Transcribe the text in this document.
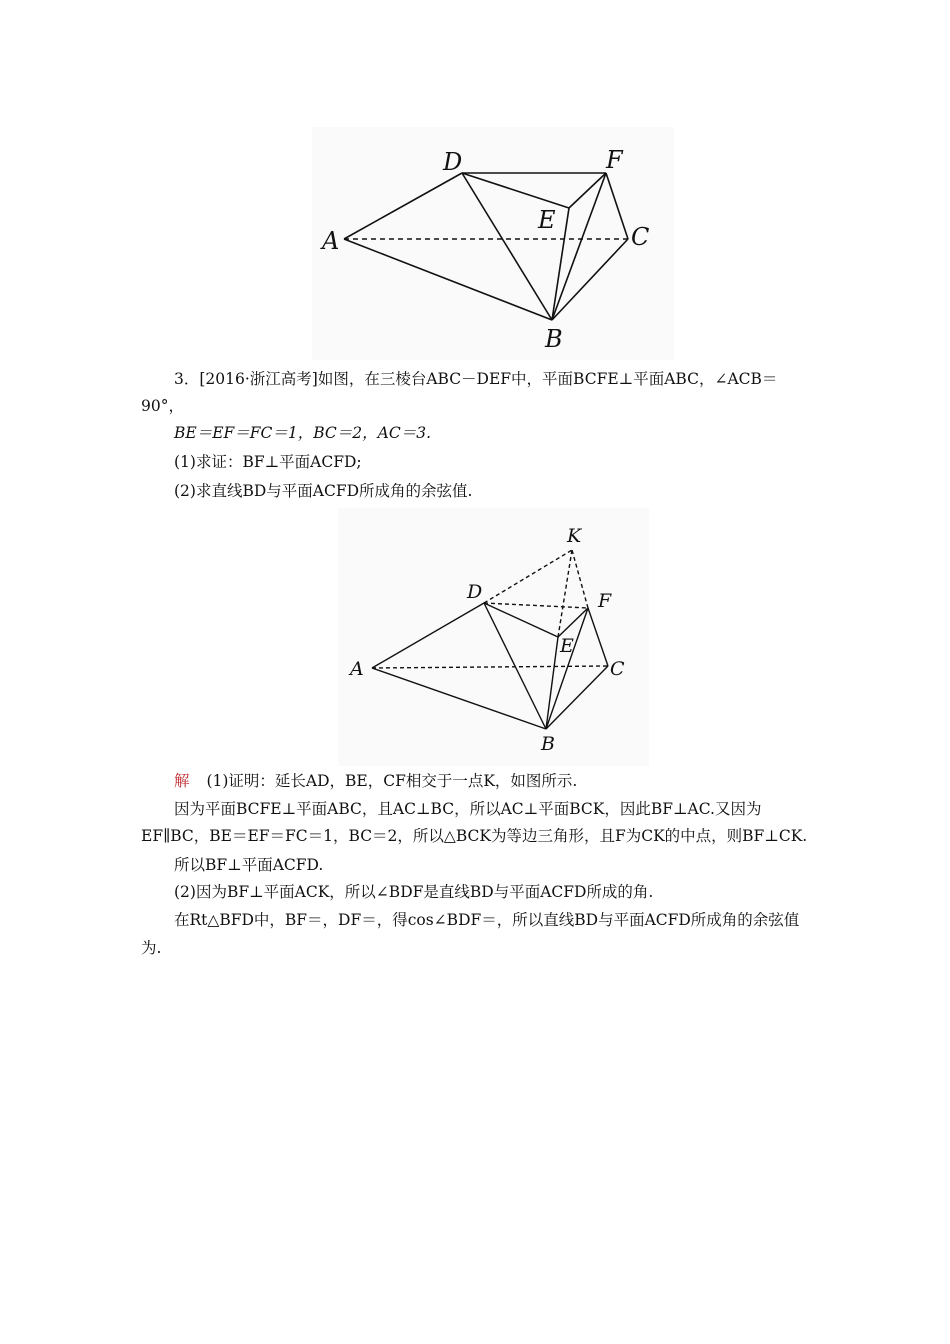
D	F
E
A	C
B
3．[2016·浙江高考]如图，在三棱台ABC－DEF中，平面BCFE⊥平面ABC，∠ACB＝
90°，
BE＝EF＝FC＝1，BC＝2，AC＝3.
(1)求证：BF⊥平面ACFD;
(2)求直线BD与平面ACFD所成角的余弦值.
K
D	F
E
A	C
B
解 (1)证明：延长AD，BE，CF相交于一点K，如图所示.
因为平面BCFE⊥平面ABC，且AC⊥BC，所以AC⊥平面BCK，因此BF⊥AC.又因为
EF∥BC，BE＝EF＝FC＝1，BC＝2，所以△BCK为等边三角形，且F为CK的中点，则BF⊥CK.
所以BF⊥平面ACFD.
(2)因为BF⊥平面ACK，所以∠BDF是直线BD与平面ACFD所成的角.
在Rt△BFD中，BF＝，DF＝，得cos∠BDF＝，所以直线BD与平面ACFD所成角的余弦值
为.
